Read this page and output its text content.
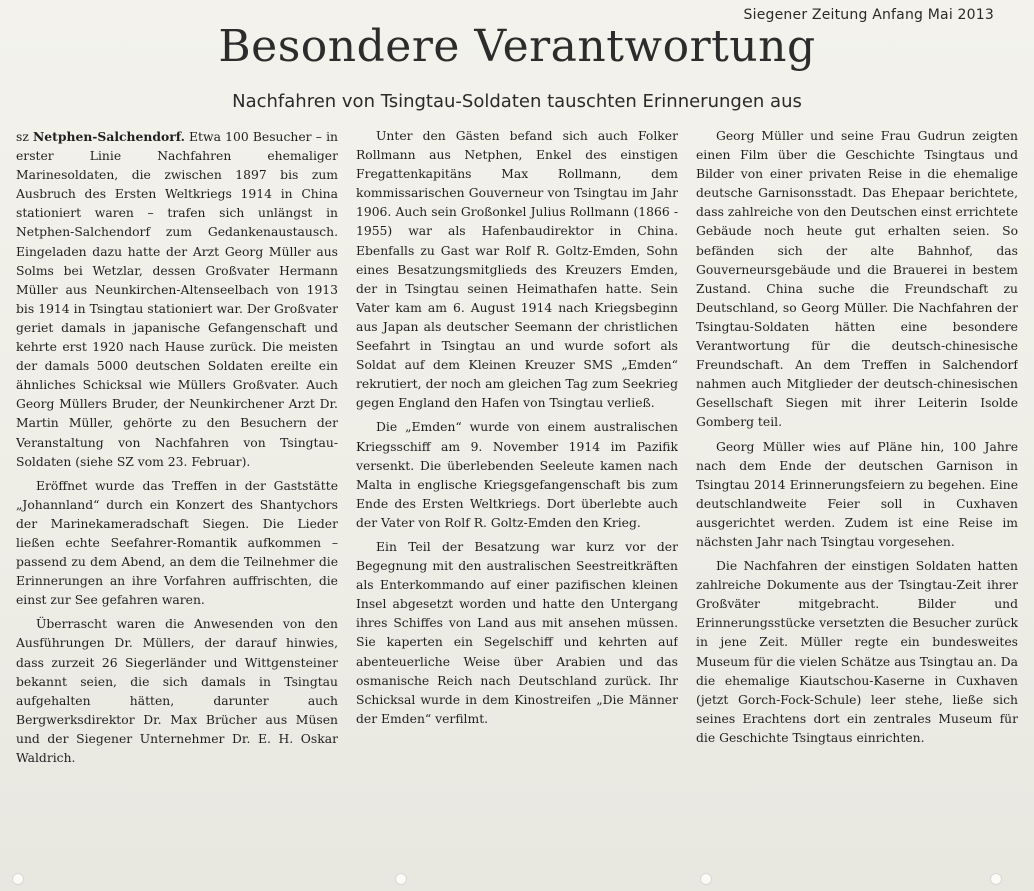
Siegener Zeitung Anfang Mai 2013
Besondere Verantwortung
Nachfahren von Tsingtau-Soldaten tauschten Erinnerungen aus

sz Netphen-Salchendorf. Etwa 100 Besucher – in erster Linie Nachfahren ehemaliger Marinesoldaten, die zwischen 1897 bis zum Ausbruch des Ersten Weltkriegs 1914 in China stationiert waren – trafen sich unlängst in Netphen-Salchendorf zum Gedankenaustausch. Eingeladen dazu hatte der Arzt Georg Müller aus Solms bei Wetzlar, dessen Großvater Hermann Müller aus Neunkirchen-Altenseelbach von 1913 bis 1914 in Tsingtau stationiert war. Der Großvater geriet damals in japanische Gefangenschaft und kehrte erst 1920 nach Hause zurück. Die meisten der damals 5000 deutschen Soldaten ereilte ein ähnliches Schicksal wie Müllers Großvater. Auch Georg Müllers Bruder, der Neunkirchener Arzt Dr. Martin Müller, gehörte zu den Besuchern der Veranstaltung von Nachfahren von Tsingtau-Soldaten (siehe SZ vom 23. Februar).

Eröffnet wurde das Treffen in der Gaststätte „Johannland“ durch ein Konzert des Shantychors der Marinekameradschaft Siegen. Die Lieder ließen echte Seefahrer-Romantik aufkommen – passend zu dem Abend, an dem die Teilnehmer die Erinnerungen an ihre Vorfahren auffrischten, die einst zur See gefahren waren.

Überrascht waren die Anwesenden von den Ausführungen Dr. Müllers, der darauf hinwies, dass zurzeit 26 Siegerländer und Wittgensteiner bekannt seien, die sich damals in Tsingtau aufgehalten hätten, darunter auch Bergwerksdirektor Dr. Max Brücher aus Müsen und der Siegener Unternehmer Dr. E. H. Oskar Waldrich.

Unter den Gästen befand sich auch Folker Rollmann aus Netphen, Enkel des einstigen Fregattenkapitäns Max Rollmann, dem kommissarischen Gouverneur von Tsingtau im Jahr 1906. Auch sein Großonkel Julius Rollmann (1866 - 1955) war als Hafenbaudirektor in China. Ebenfalls zu Gast war Rolf R. Goltz-Emden, Sohn eines Besatzungsmitglieds des Kreuzers Emden, der in Tsingtau seinen Heimathafen hatte. Sein Vater kam am 6. August 1914 nach Kriegsbeginn aus Japan als deutscher Seemann der christlichen Seefahrt in Tsingtau an und wurde sofort als Soldat auf dem Kleinen Kreuzer SMS „Emden“ rekrutiert, der noch am gleichen Tag zum Seekrieg gegen England den Hafen von Tsingtau verließ.

Die „Emden“ wurde von einem australischen Kriegsschiff am 9. November 1914 im Pazifik versenkt. Die überlebenden Seeleute kamen nach Malta in englische Kriegsgefangenschaft bis zum Ende des Ersten Weltkriegs. Dort überlebte auch der Vater von Rolf R. Goltz-Emden den Krieg.

Ein Teil der Besatzung war kurz vor der Begegnung mit den australischen Seestreitkräften als Enterkommando auf einer pazifischen kleinen Insel abgesetzt worden und hatte den Untergang ihres Schiffes von Land aus mit ansehen müssen. Sie kaperten ein Segelschiff und kehrten auf abenteuerliche Weise über Arabien und das osmanische Reich nach Deutschland zurück. Ihr Schicksal wurde in dem Kinostreifen „Die Männer der Emden“ verfilmt.

Georg Müller und seine Frau Gudrun zeigten einen Film über die Geschichte Tsingtaus und Bilder von einer privaten Reise in die ehemalige deutsche Garnisonsstadt. Das Ehepaar berichtete, dass zahlreiche von den Deutschen einst errichtete Gebäude noch heute gut erhalten seien. So befänden sich der alte Bahnhof, das Gouverneursgebäude und die Brauerei in bestem Zustand. China suche die Freundschaft zu Deutschland, so Georg Müller. Die Nachfahren der Tsingtau-Soldaten hätten eine besondere Verantwortung für die deutsch-chinesische Freundschaft. An dem Treffen in Salchendorf nahmen auch Mitglieder der deutsch-chinesischen Gesellschaft Siegen mit ihrer Leiterin Isolde Gomberg teil.

Georg Müller wies auf Pläne hin, 100 Jahre nach dem Ende der deutschen Garnison in Tsingtau 2014 Erinnerungsfeiern zu begehen. Eine deutschlandweite Feier soll in Cuxhaven ausgerichtet werden. Zudem ist eine Reise im nächsten Jahr nach Tsingtau vorgesehen.

Die Nachfahren der einstigen Soldaten hatten zahlreiche Dokumente aus der Tsingtau-Zeit ihrer Großväter mitgebracht. Bilder und Erinnerungsstücke versetzten die Besucher zurück in jene Zeit. Müller regte ein bundesweites Museum für die vielen Schätze aus Tsingtau an. Da die ehemalige Kiautschou-Kaserne in Cuxhaven (jetzt Gorch-Fock-Schule) leer stehe, ließe sich seines Erachtens dort ein zentrales Museum für die Geschichte Tsingtaus einrichten.
